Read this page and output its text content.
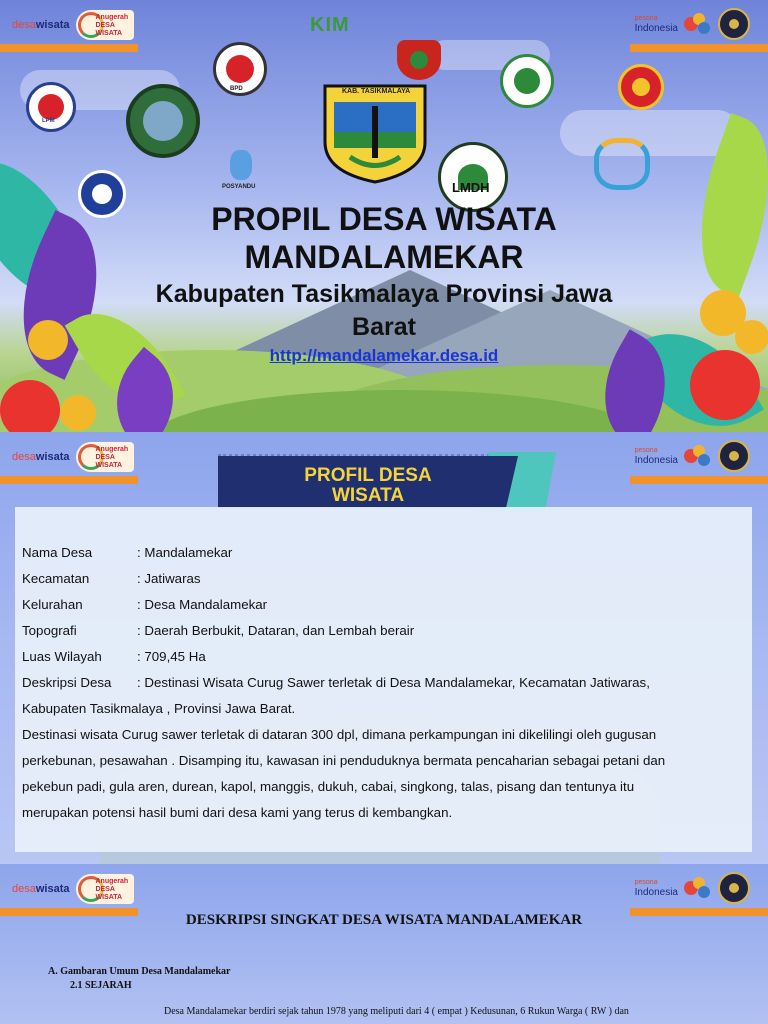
desawisata
Anugerah
DESA WISATA
pesona
Indonesia
KIM
BPD
LPM
POSYANDU	LMDH
KAB. TASIKMALAYA
PROPIL DESA WISATA
MANDALAMEKAR
Kabupaten Tasikmalaya Provinsi Jawa
Barat
http://mandalamekar.desa.id
desawisata
Anugerah
DESA WISATA
pesona
Indonesia
PROFIL DESA
WISATA
Nama Desa	: Mandalamekar
Kecamatan	: Jatiwaras
Kelurahan	: Desa Mandalamekar
Topografi	: Daerah Berbukit, Dataran, dan Lembah berair
Luas Wilayah	: 709,45 Ha
Deskripsi Desa	: Destinasi Wisata Curug Sawer terletak di Desa Mandalamekar, Kecamatan Jatiwaras,
Kabupaten Tasikmalaya , Provinsi Jawa Barat.
Destinasi wisata Curug sawer terletak di dataran 300 dpl, dimana perkampungan ini dikelilingi oleh gugusan
perkebunan, pesawahan . Disamping itu, kawasan ini penduduknya bermata pencaharian sebagai petani dan
pekebun padi, gula aren, durean, kapol, manggis, dukuh, cabai, singkong, talas, pisang dan tentunya itu
merupakan potensi hasil bumi dari desa kami yang terus di kembangkan.
desawisata
Anugerah
DESA WISATA
pesona
Indonesia
DESKRIPSI SINGKAT DESA WISATA MANDALAMEKAR
A. Gambaran Umum Desa Mandalamekar
2.1 SEJARAH
Desa Mandalamekar berdiri sejak tahun 1978 yang meliputi dari 4 ( empat ) Kedusunan, 6 Rukun Warga ( RW ) dan
